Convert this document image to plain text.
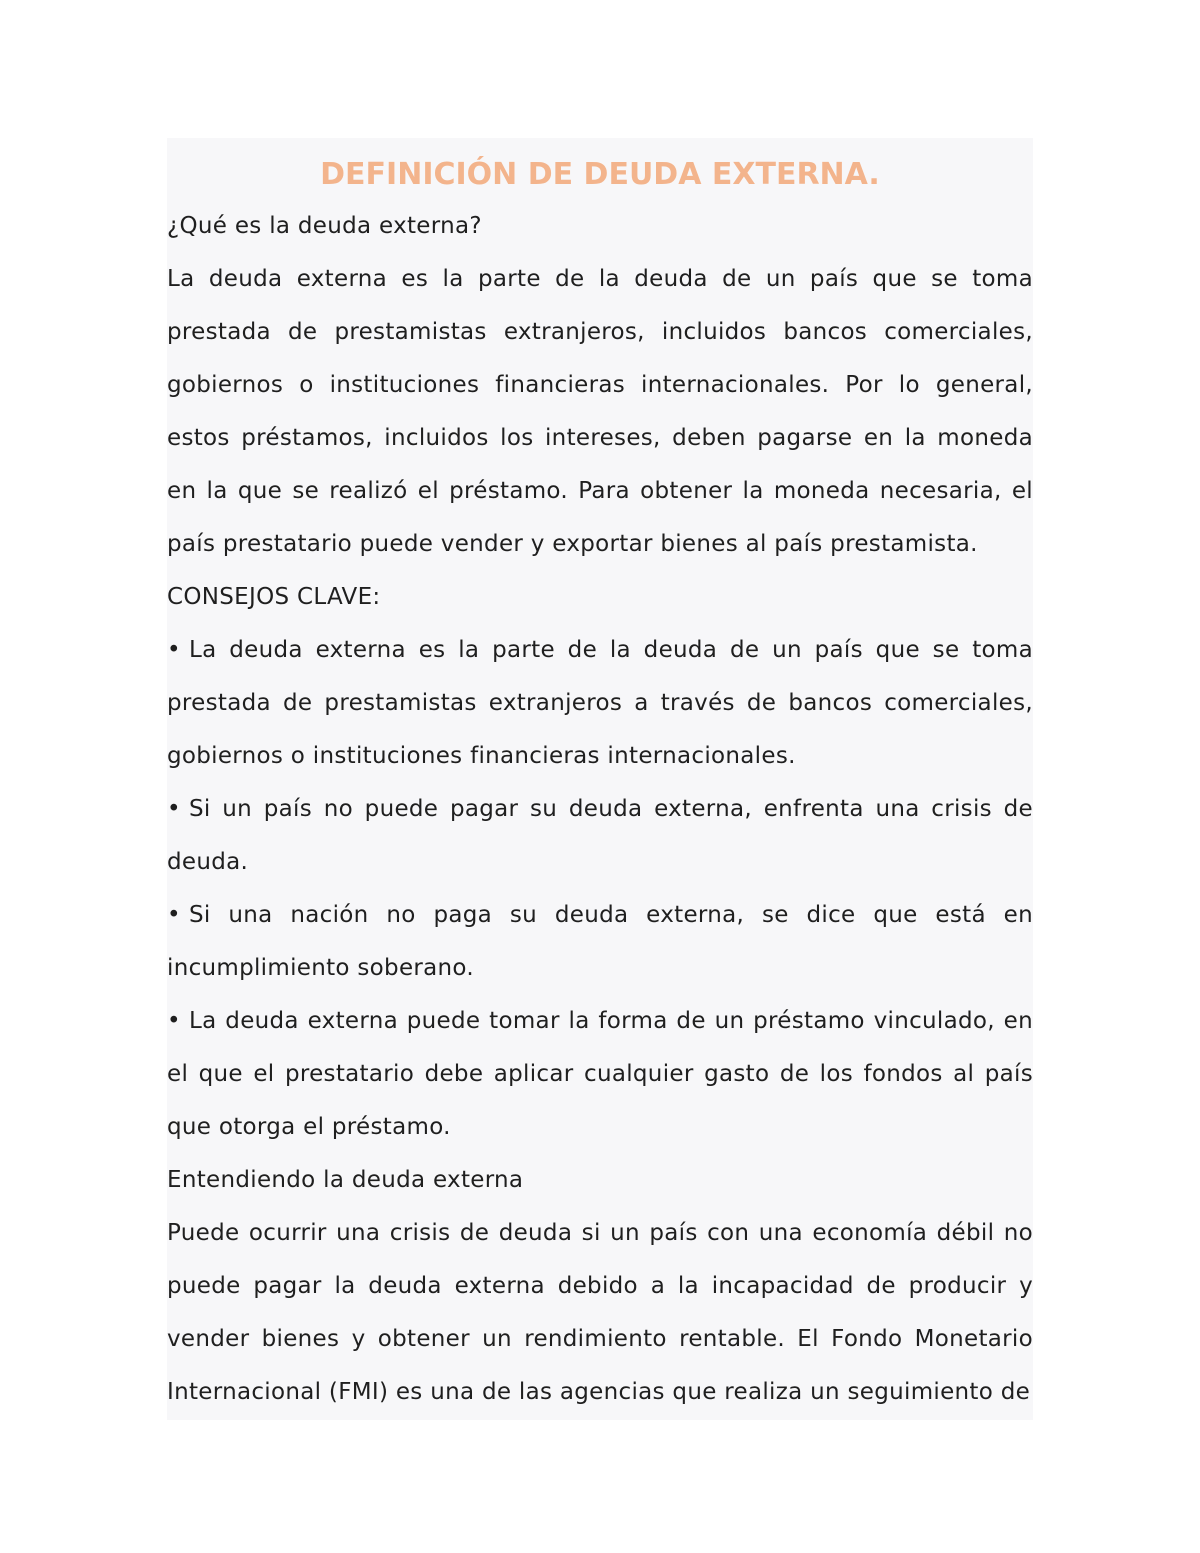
DEFINICIÓN DE DEUDA EXTERNA.

¿Qué es la deuda externa?

La deuda externa es la parte de la deuda de un país que se toma prestada de prestamistas extranjeros, incluidos bancos comerciales, gobiernos o instituciones financieras internacionales. Por lo general, estos préstamos, incluidos los intereses, deben pagarse en la moneda en la que se realizó el préstamo. Para obtener la moneda necesaria, el país prestatario puede vender y exportar bienes al país prestamista.

CONSEJOS CLAVE:

• La deuda externa es la parte de la deuda de un país que se toma prestada de prestamistas extranjeros a través de bancos comerciales, gobiernos o instituciones financieras internacionales.

• Si un país no puede pagar su deuda externa, enfrenta una crisis de deuda.

• Si una nación no paga su deuda externa, se dice que está en incumplimiento soberano.

• La deuda externa puede tomar la forma de un préstamo vinculado, en el que el prestatario debe aplicar cualquier gasto de los fondos al país que otorga el préstamo.

Entendiendo la deuda externa

Puede ocurrir una crisis de deuda si un país con una economía débil no puede pagar la deuda externa debido a la incapacidad de producir y vender bienes y obtener un rendimiento rentable. El Fondo Monetario Internacional (FMI) es una de las agencias que realiza un seguimiento de
